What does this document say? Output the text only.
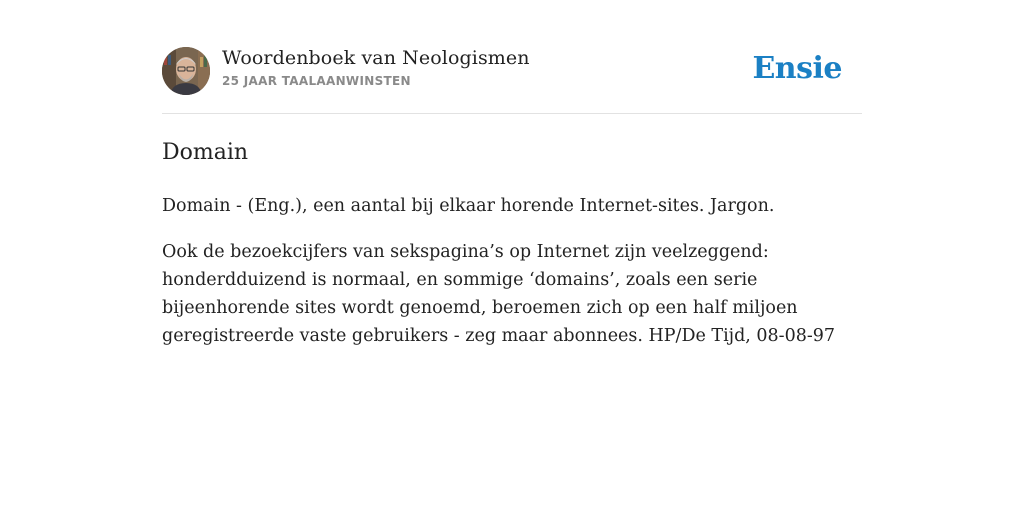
Woordenboek van Neologismen
25 JAAR TAALAANWINSTEN	Ensie
Domain

Domain - (Eng.), een aantal bij elkaar horende Internet-sites. Jargon.

Ook de bezoekcijfers van sekspagina’s op Internet zijn veelzeggend: honderdduizend is normaal, en sommige ‘domains’, zoals een serie bijeenhorende sites wordt genoemd, beroemen zich op een half miljoen geregistreerde vaste gebruikers - zeg maar abonnees. HP/De Tijd, 08-08-97
